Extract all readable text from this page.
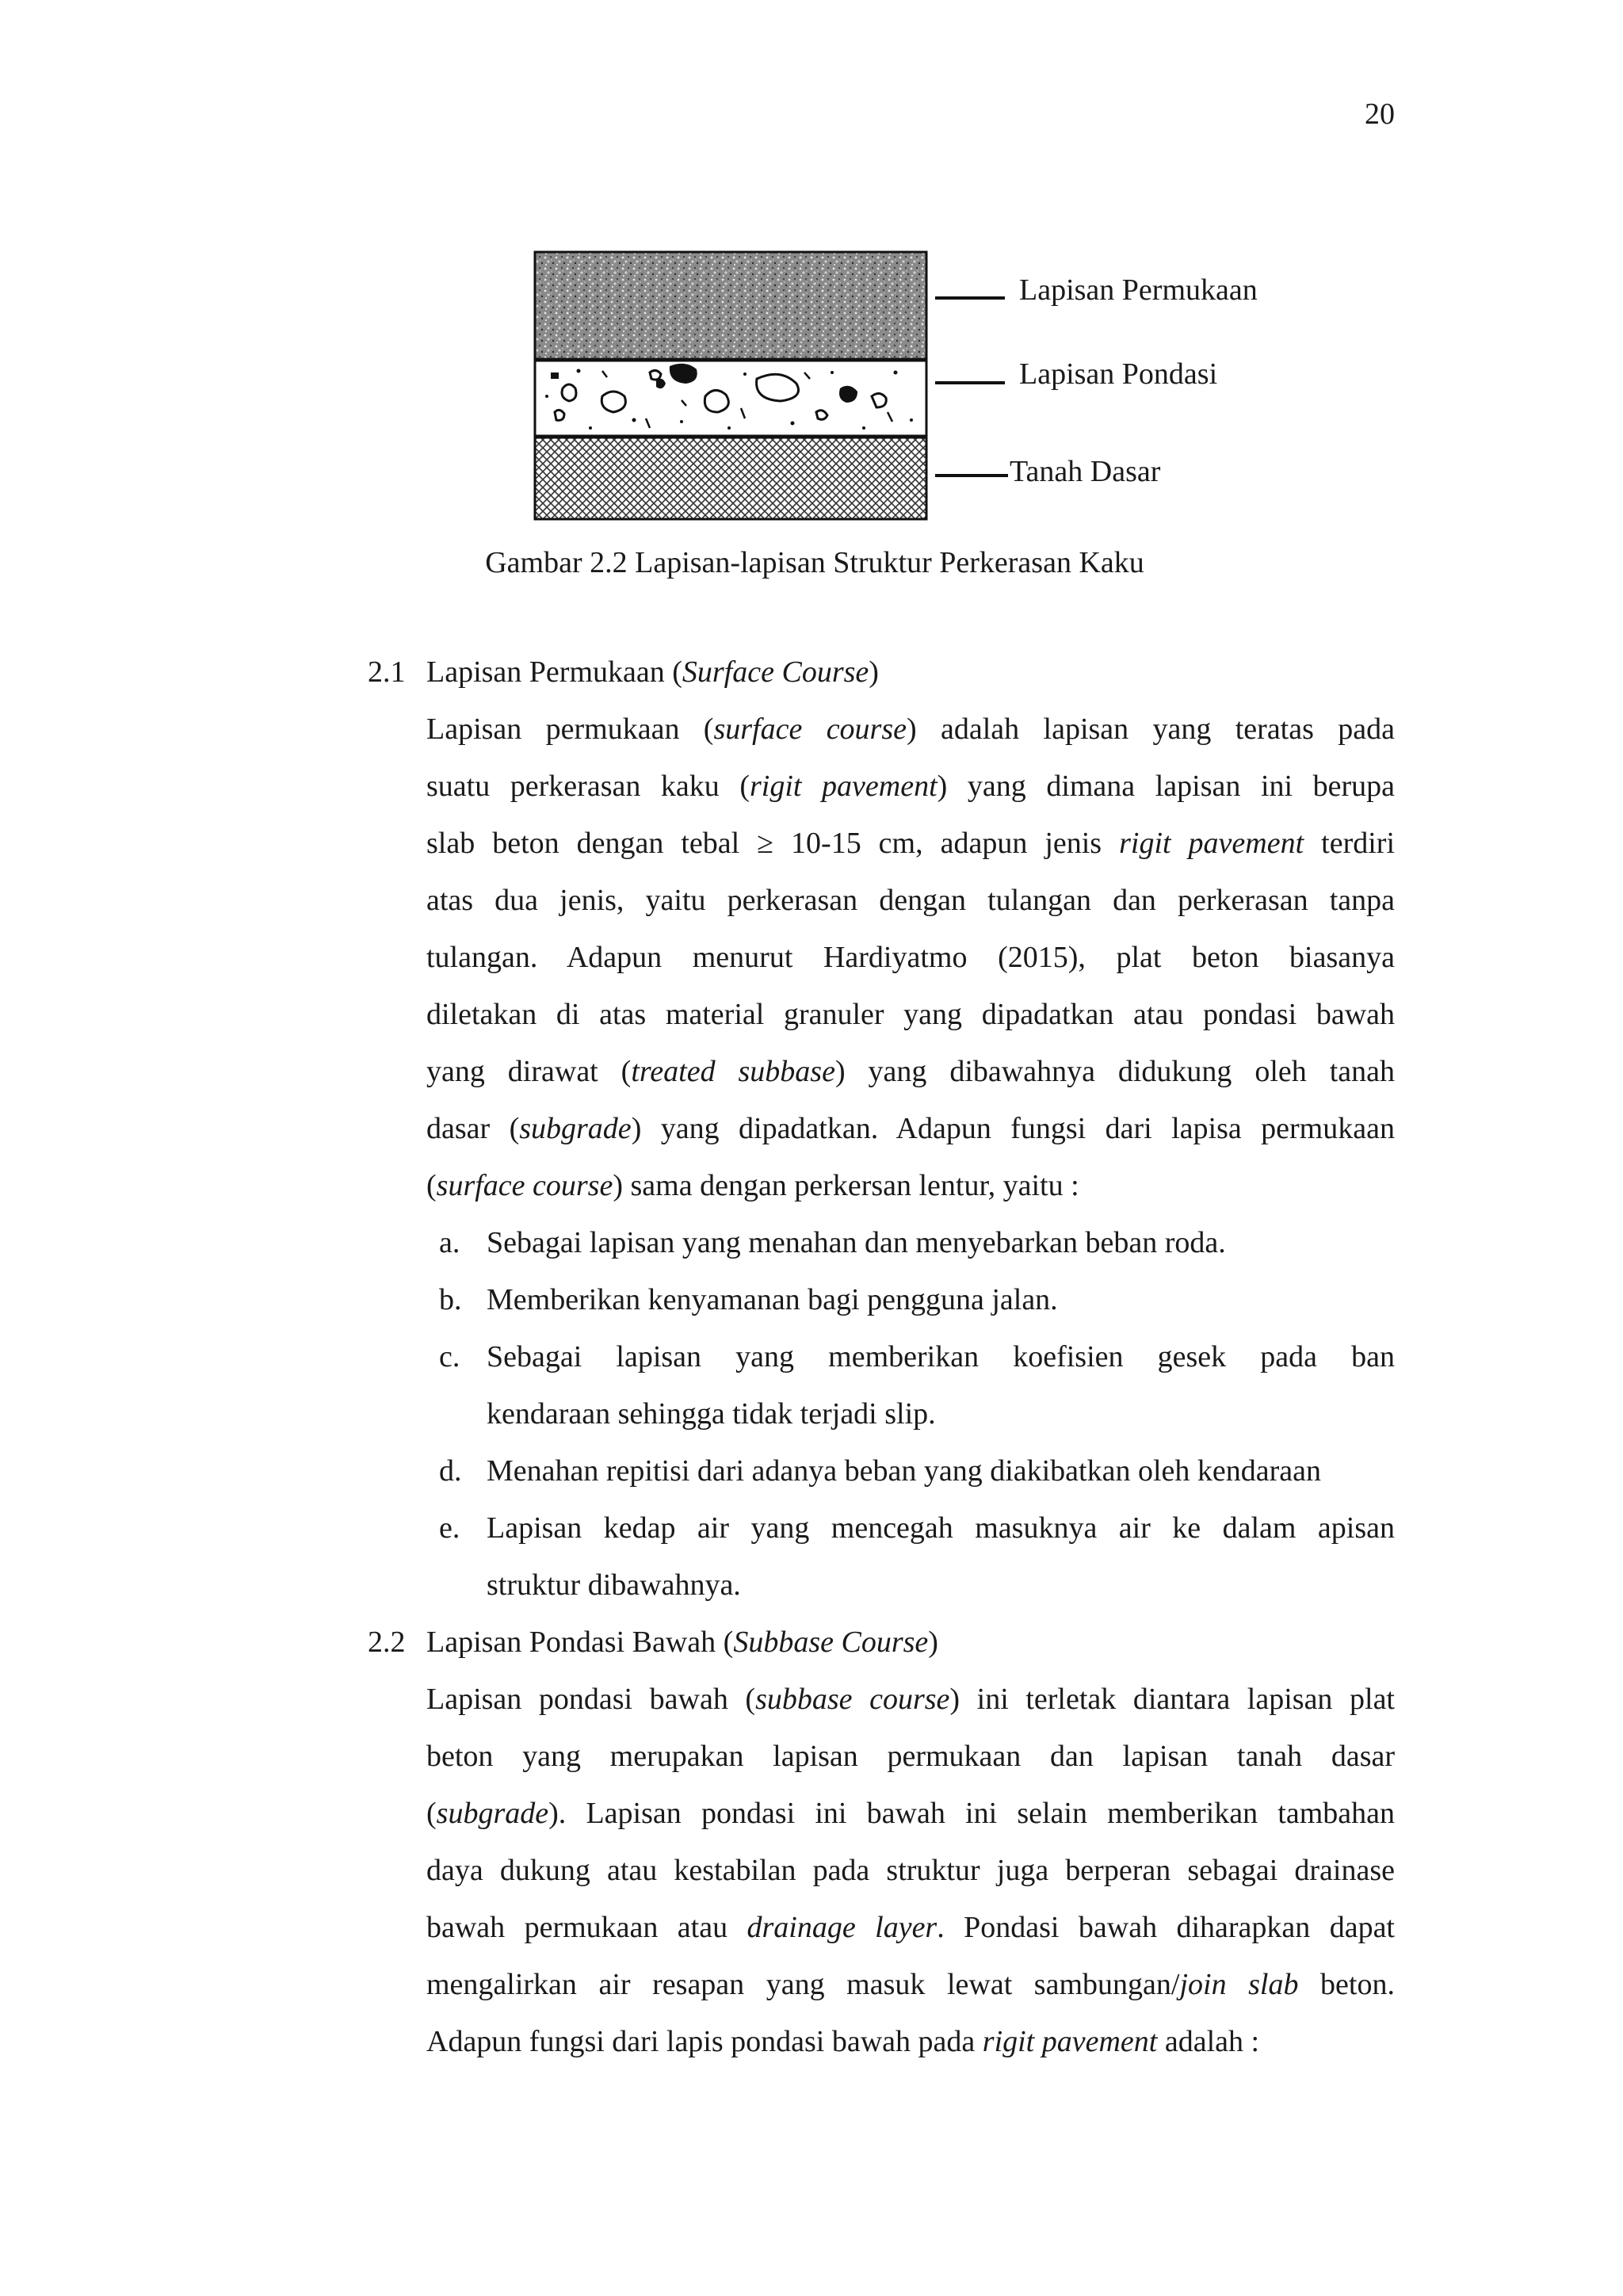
20
Lapisan Permukaan
Lapisan Pondasi
Tanah Dasar
Gambar 2.2 Lapisan-lapisan Struktur Perkerasan Kaku
2.1 Lapisan Permukaan (Surface Course)
Lapisan permukaan (surface course) adalah lapisan yang teratas pada
suatu perkerasan kaku (rigit pavement) yang dimana lapisan ini berupa
slab beton dengan tebal ≥ 10-15 cm, adapun jenis rigit pavement terdiri
atas dua jenis, yaitu perkerasan dengan tulangan dan perkerasan tanpa
tulangan. Adapun menurut Hardiyatmo (2015), plat beton biasanya
diletakan di atas material granuler yang dipadatkan atau pondasi bawah
yang dirawat (treated subbase) yang dibawahnya didukung oleh tanah
dasar (subgrade) yang dipadatkan. Adapun fungsi dari lapisa permukaan
(surface course) sama dengan perkersan lentur, yaitu :
a. Sebagai lapisan yang menahan dan menyebarkan beban roda.
b. Memberikan kenyamanan bagi pengguna jalan.
c. Sebagai lapisan yang memberikan koefisien gesek pada ban
kendaraan sehingga tidak terjadi slip.
d. Menahan repitisi dari adanya beban yang diakibatkan oleh kendaraan
e. Lapisan kedap air yang mencegah masuknya air ke dalam apisan
struktur dibawahnya.
2.2 Lapisan Pondasi Bawah (Subbase Course)
Lapisan pondasi bawah (subbase course) ini terletak diantara lapisan plat
beton yang merupakan lapisan permukaan dan lapisan tanah dasar
(subgrade). Lapisan pondasi ini bawah ini selain memberikan tambahan
daya dukung atau kestabilan pada struktur juga berperan sebagai drainase
bawah permukaan atau drainage layer. Pondasi bawah diharapkan dapat
mengalirkan air resapan yang masuk lewat sambungan/join slab beton.
Adapun fungsi dari lapis pondasi bawah pada rigit pavement adalah :
